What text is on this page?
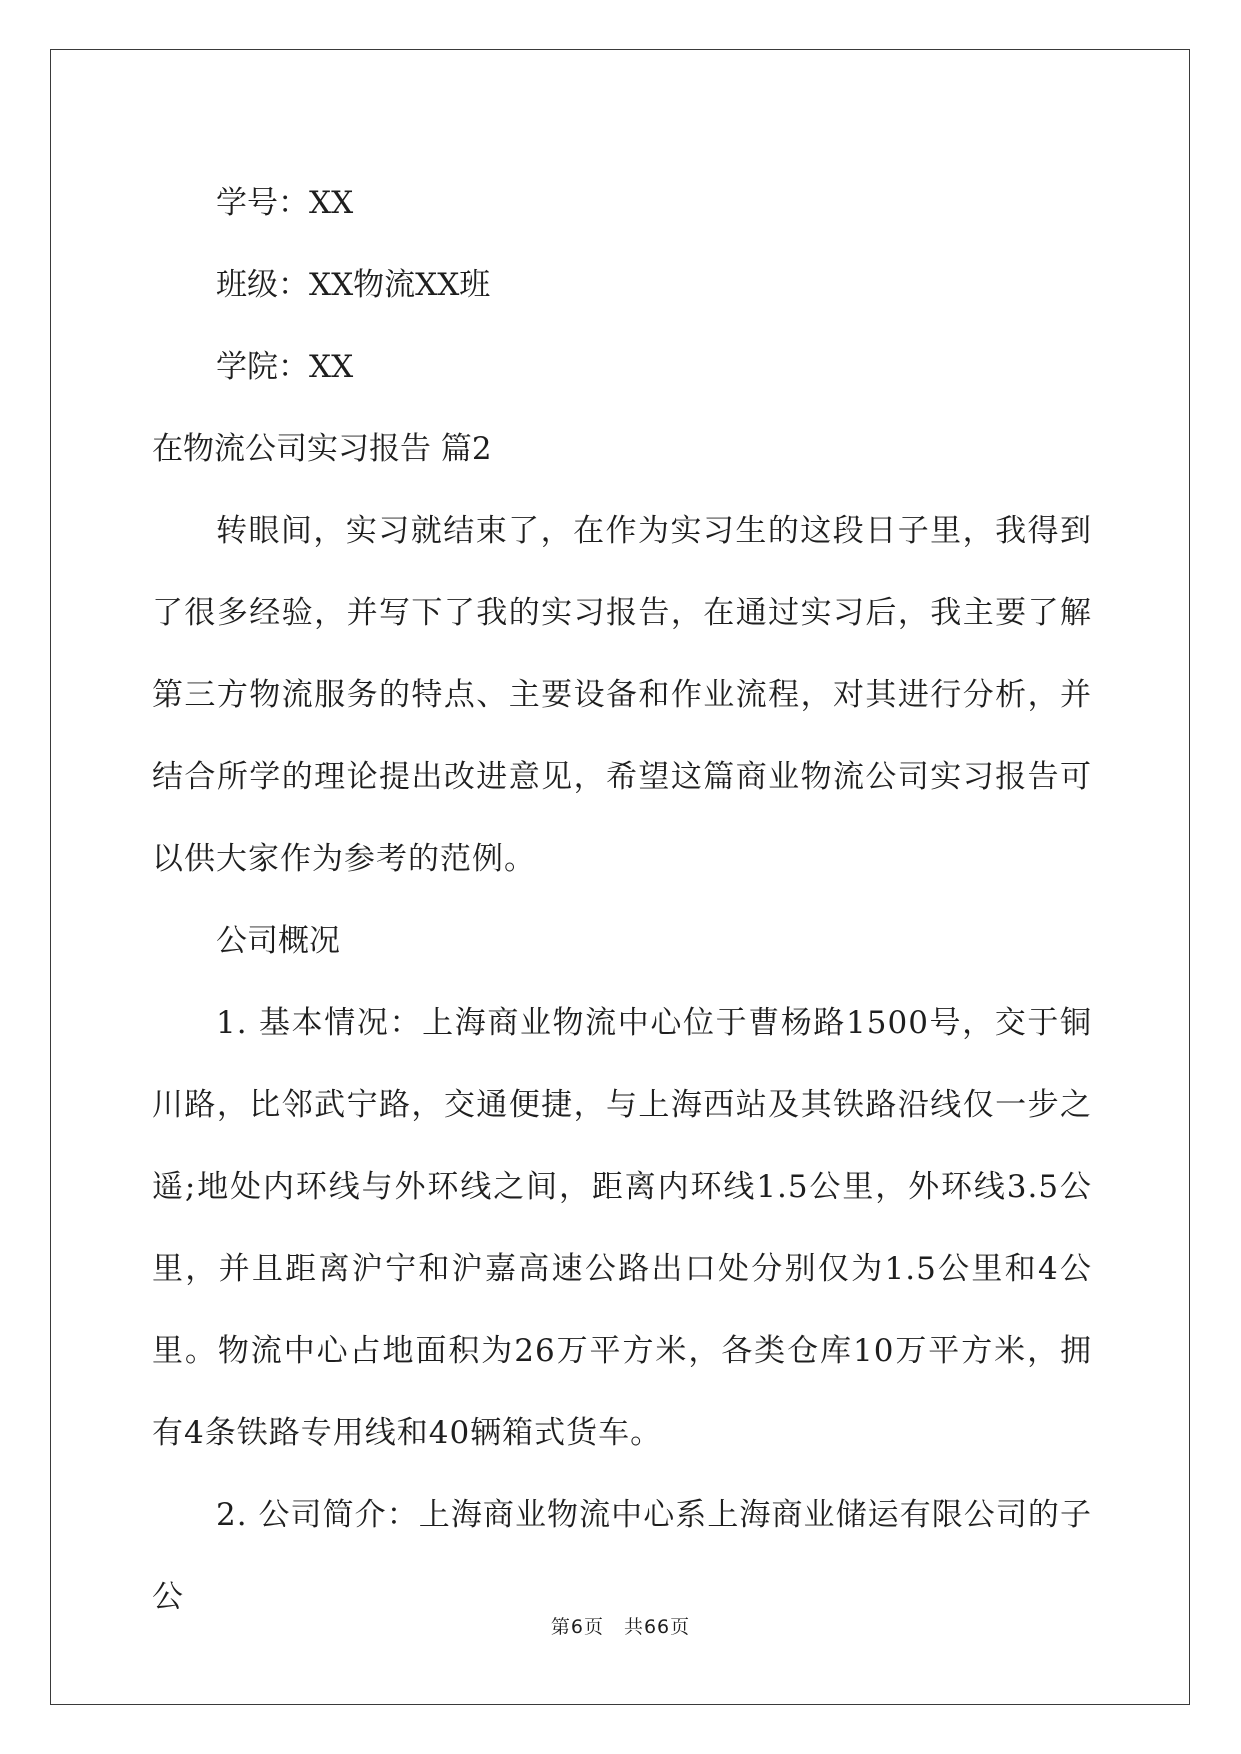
学号：XX

班级：XX物流XX班

学院：XX

在物流公司实习报告 篇2

转眼间，实习就结束了，在作为实习生的这段日子里，我得到了很多经验，并写下了我的实习报告，在通过实习后，我主要了解第三方物流服务的特点、主要设备和作业流程，对其进行分析，并结合所学的理论提出改进意见，希望这篇商业物流公司实习报告可以供大家作为参考的范例。

公司概况

1. 基本情况：上海商业物流中心位于曹杨路1500号，交于铜川路，比邻武宁路，交通便捷，与上海西站及其铁路沿线仅一步之遥;地处内环线与外环线之间，距离内环线1.5公里，外环线3.5公里，并且距离沪宁和沪嘉高速公路出口处分别仅为1.5公里和4公里。物流中心占地面积为26万平方米，各类仓库10万平方米，拥有4条铁路专用线和40辆箱式货车。

2. 公司简介：上海商业物流中心系上海商业储运有限公司的子公

第6页　共66页
